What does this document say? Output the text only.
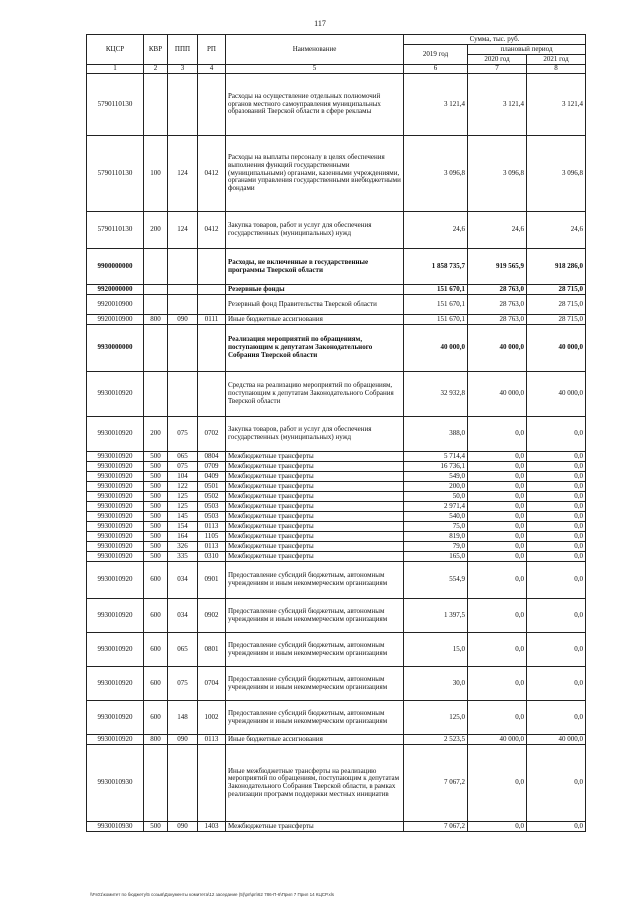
117
КЦСР	КВР	ППП	РП	Наименование	Сумма, тыс. руб.		
					2019 год	плановый период	
						2020 год	2021 год
1	2	3	4	5	6	7	8
5790110130				Расходы на осуществление отдельных полномочий органов местного самоуправления муниципальных образований Тверской области в сфере рекламы	3 121,4	3 121,4	3 121,4
5790110130	100	124	0412	Расходы на выплаты персоналу в целях обеспечения выполнения функций государственными (муниципальными) органами, казенными учреждениями, органами управления государственными внебюджетными фондами	3 096,8	3 096,8	3 096,8
5790110130	200	124	0412	Закупка товаров, работ и услуг для обеспечения государственных (муниципальных) нужд	24,6	24,6	24,6
9900000000				Расходы, не включенные в государственные программы Тверской области	1 858 735,7	919 565,9	918 286,0
9920000000				Резервные фонды	151 670,1	28 763,0	28 715,0
9920010900				Резервный фонд Правительства Тверской области	151 670,1	28 763,0	28 715,0
9920010900	800	090	0111	Иные бюджетные ассигнования	151 670,1	28 763,0	28 715,0
9930000000				Реализация мероприятий по обращениям, поступающим к депутатам Законодательного Собрания Тверской области	40 000,0	40 000,0	40 000,0
9930010920				Средства на реализацию мероприятий по обращениям, поступающим к депутатам Законодательного Собрания Тверской области	32 932,8	40 000,0	40 000,0
9930010920	200	075	0702	Закупка товаров, работ и услуг для обеспечения государственных (муниципальных) нужд	388,0	0,0	0,0
9930010920	500	065	0804	Межбюджетные трансферты	5 714,4	0,0	0,0
9930010920	500	075	0709	Межбюджетные трансферты	16 736,1	0,0	0,0
9930010920	500	104	0409	Межбюджетные трансферты	549,0	0,0	0,0
9930010920	500	122	0501	Межбюджетные трансферты	200,0	0,0	0,0
9930010920	500	125	0502	Межбюджетные трансферты	50,0	0,0	0,0
9930010920	500	125	0503	Межбюджетные трансферты	2 971,4	0,0	0,0
9930010920	500	145	0503	Межбюджетные трансферты	540,0	0,0	0,0
9930010920	500	154	0113	Межбюджетные трансферты	75,0	0,0	0,0
9930010920	500	164	1105	Межбюджетные трансферты	819,0	0,0	0,0
9930010920	500	326	0113	Межбюджетные трансферты	79,0	0,0	0,0
9930010920	500	335	0310	Межбюджетные трансферты	165,0	0,0	0,0
9930010920	600	034	0901	Предоставление субсидий бюджетным, автономным учреждениям и иным некоммерческим организациям	554,9	0,0	0,0
9930010920	600	034	0902	Предоставление субсидий бюджетным, автономным учреждениям и иным некоммерческим организациям	1 397,5	0,0	0,0
9930010920	600	065	0801	Предоставление субсидий бюджетным, автономным учреждениям и иным некоммерческим организациям	15,0	0,0	0,0
9930010920	600	075	0704	Предоставление субсидий бюджетным, автономным учреждениям и иным некоммерческим организациям	30,0	0,0	0,0
9930010920	600	148	1002	Предоставление субсидий бюджетным, автономным учреждениям и иным некоммерческим организациям	125,0	0,0	0,0
9930010920	800	090	0113	Иные бюджетные ассигнования	2 523,5	40 000,0	40 000,0
9930010930				Иные межбюджетные трансферты на реализацию мероприятий по обращениям, поступающим к депутатам Законодательного Собрания Тверской области, в рамках реализации программ поддержки местных инициатив	7 067,2	0,0	0,0
9930010930	500	090	1403	Межбюджетные трансферты	7 067,2	0,0	0,0
\\Fs01\комитет по бюджету\5 созыв\Документы комитета\12 заседание (5)\рп\рп\62 786-П-6\Прил 7 Прил 14 КЦСР.xls
